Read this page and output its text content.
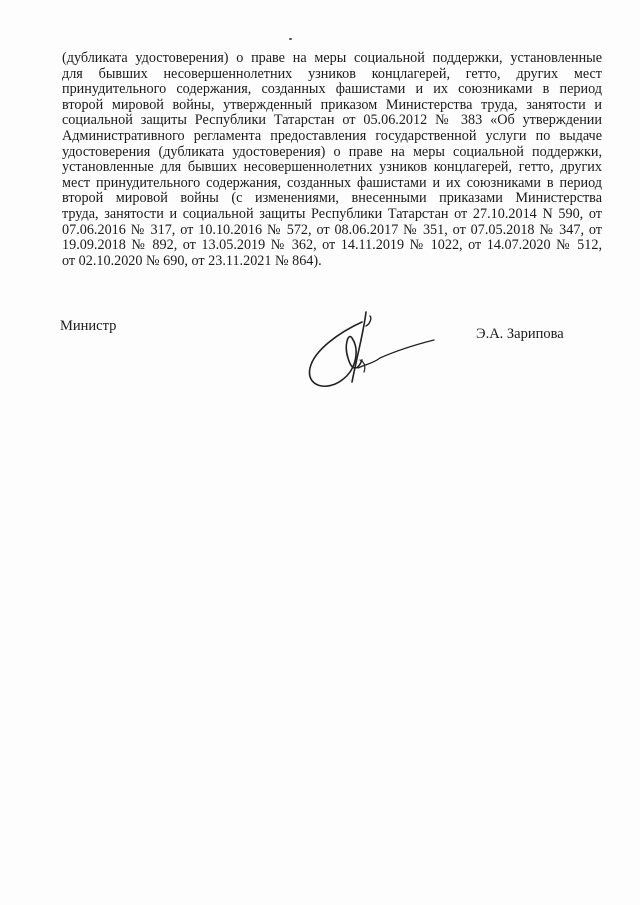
(дубликата удостоверения) о праве на меры социальной поддержки, установленные
для бывших несовершеннолетних узников концлагерей, гетто, других мест
принудительного содержания, созданных фашистами и их союзниками в период
второй мировой войны, утвержденный приказом Министерства труда, занятости и
социальной защиты Республики Татарстан от 05.06.2012 № 383 «Об утверждении
Административного регламента предоставления государственной услуги по выдаче
удостоверения (дубликата удостоверения) о праве на меры социальной поддержки,
установленные для бывших несовершеннолетних узников концлагерей, гетто, других
мест принудительного содержания, созданных фашистами и их союзниками в период
второй мировой войны (с изменениями, внесенными приказами Министерства
труда, занятости и социальной защиты Республики Татарстан от 27.10.2014 N 590, от
07.06.2016 № 317, от 10.10.2016 № 572, от 08.06.2017 № 351, от 07.05.2018 № 347, от
19.09.2018 № 892, от 13.05.2019 № 362, от 14.11.2019 № 1022, от 14.07.2020 № 512,
от 02.10.2020 № 690, от 23.11.2021 № 864).
Министр	Э.А. Зарипова
